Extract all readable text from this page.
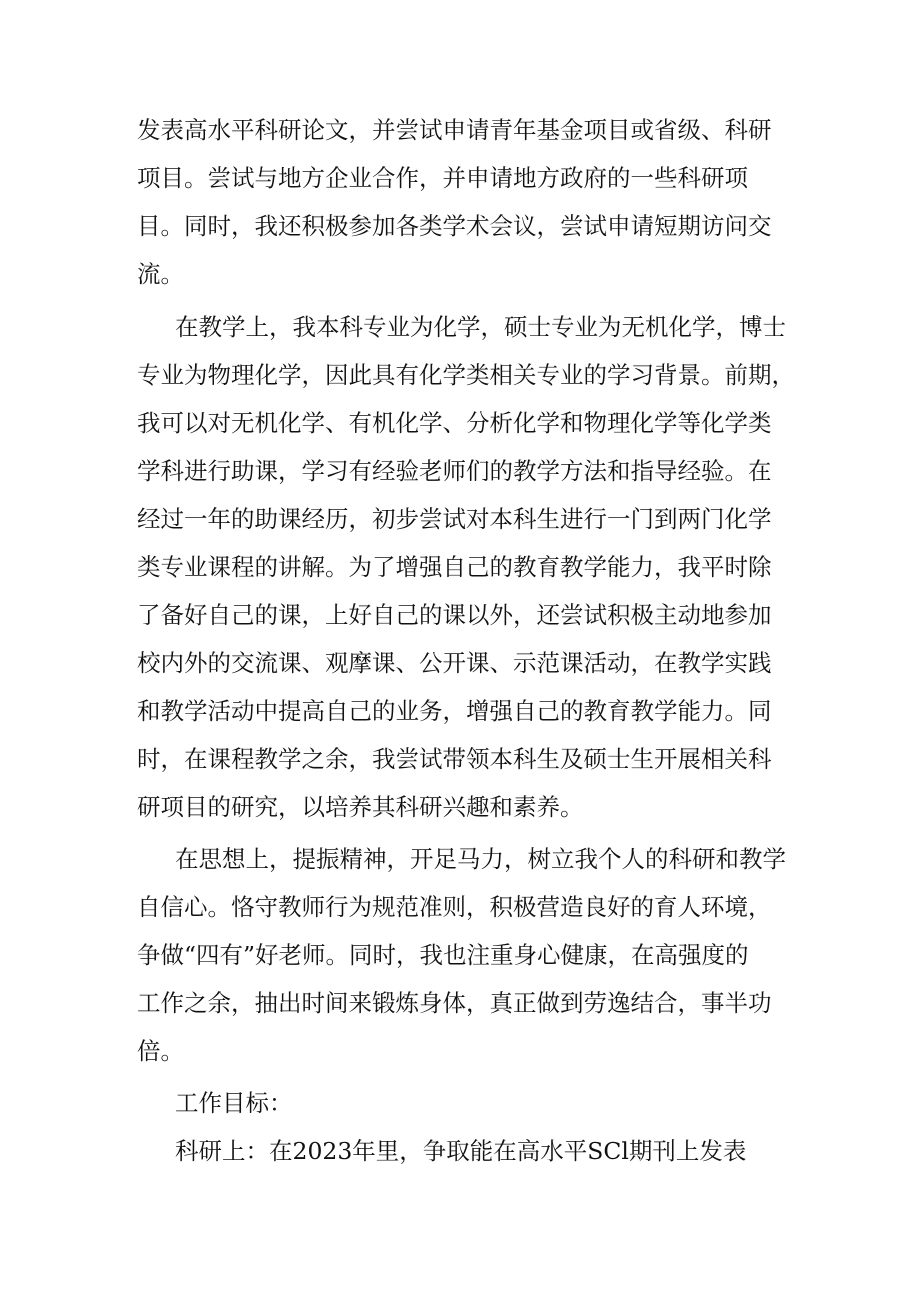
发表高水平科研论文，并尝试申请青年基金项目或省级、科研

项目。尝试与地方企业合作，并申请地方政府的一些科研项

目。同时，我还积极参加各类学术会议，尝试申请短期访问交

流。

在教学上，我本科专业为化学，硕士专业为无机化学，博士

专业为物理化学，因此具有化学类相关专业的学习背景。前期，

我可以对无机化学、有机化学、分析化学和物理化学等化学类

学科进行助课，学习有经验老师们的教学方法和指导经验。在

经过一年的助课经历，初步尝试对本科生进行一门到两门化学

类专业课程的讲解。为了增强自己的教育教学能力，我平时除

了备好自己的课，上好自己的课以外，还尝试积极主动地参加

校内外的交流课、观摩课、公开课、示范课活动，在教学实践

和教学活动中提高自己的业务，增强自己的教育教学能力。同

时，在课程教学之余，我尝试带领本科生及硕士生开展相关科

研项目的研究，以培养其科研兴趣和素养。

在思想上，提振精神，开足马力，树立我个人的科研和教学

自信心。恪守教师行为规范准则，积极营造良好的育人环境，

争做“四有”好老师。同时，我也注重身心健康，在高强度的

工作之余，抽出时间来锻炼身体，真正做到劳逸结合，事半功

倍。

工作目标：

科研上：在2023年里，争取能在高水平SCl期刊上发表
